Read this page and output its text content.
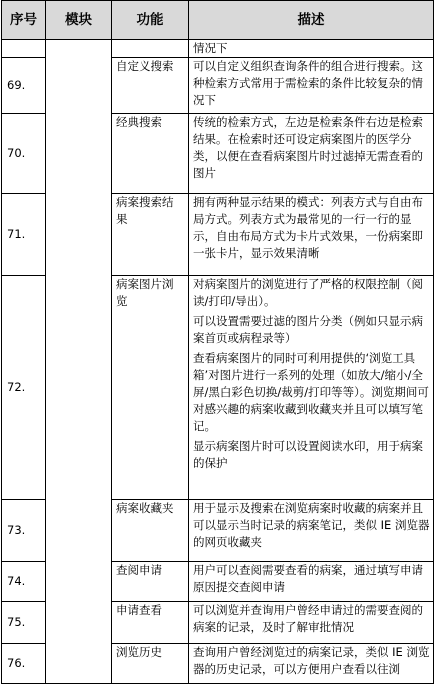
序号	模块	功能	描述
			情况下
69.		自定义搜索	可以自定义组织查询条件的组合进行搜索。这种检索方式常用于需检索的条件比较复杂的情况下

70.		经典搜索	传统的检索方式，左边是检索条件右边是检索结果。在检索时还可设定病案图片的医学分类，以便在查看病案图片时过滤掉无需查看的图片

71.		病案搜索结果	拥有两种显示结果的模式：列表方式与自由布局方式。列表方式为最常见的一行一行的显示，自由布局方式为卡片式效果，一份病案即一张卡片，显示效果清晰

72.		病案图片浏览	对病案图片的浏览进行了严格的权限控制（阅读/打印/导出）。
可以设置需要过滤的图片分类（例如只显示病案首页或病程录等）
查看病案图片的同时可利用提供的‘浏览工具箱’对图片进行一系列的处理（如放大/缩小/全屏/黑白彩色切换/裁剪/打印等等）。浏览期间可对感兴趣的病案收藏到收藏夹并且可以填写笔记。
显示病案图片时可以设置阅读水印，用于病案的保护

73.		病案收藏夹	用于显示及搜索在浏览病案时收藏的病案并且可以显示当时记录的病案笔记，类似 IE 浏览器的网页收藏夹

74.		查阅申请	用户可以查阅需要查看的病案，通过填写申请原因提交查阅申请

75.		申请查看	可以浏览并查询用户曾经申请过的需要查阅的病案的记录，及时了解审批情况

76.		浏览历史	查询用户曾经浏览过的病案记录，类似 IE 浏览器的历史记录，可以方便用户查看以往浏
